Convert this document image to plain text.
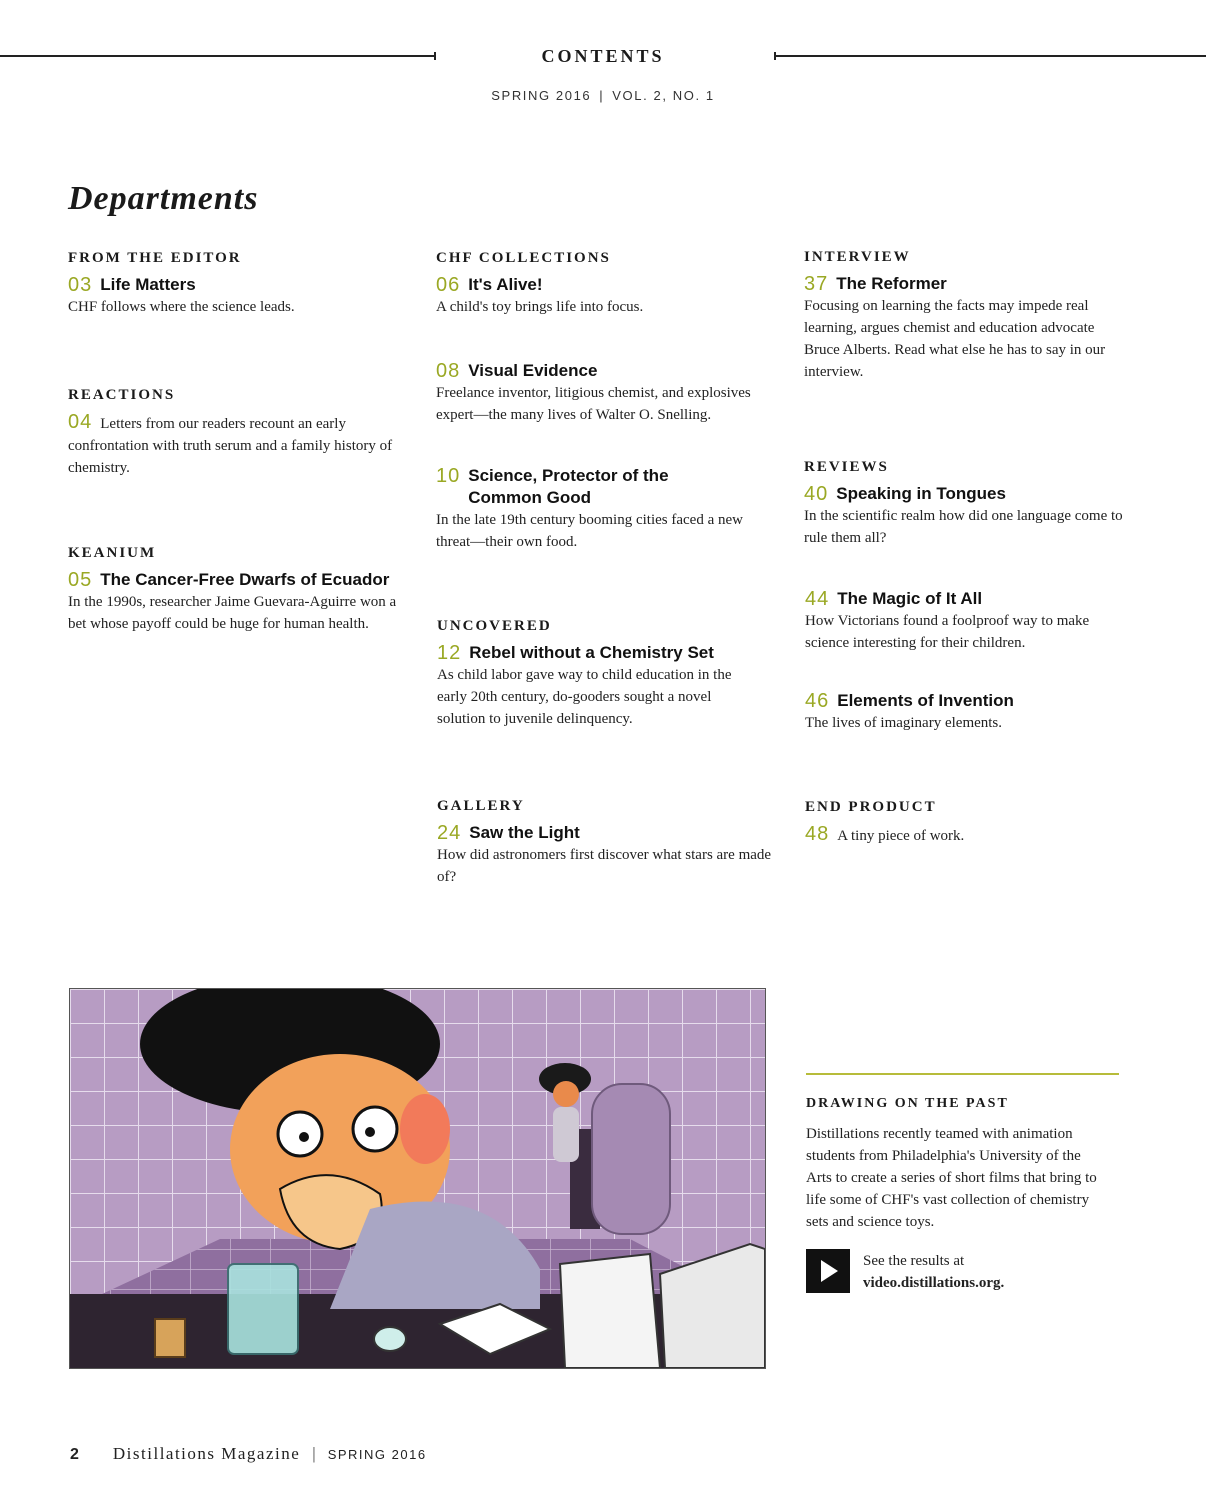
CONTENTS
SPRING 2016 | VOL. 2, NO. 1
Departments
FROM THE EDITOR
03 Life Matters
CHF follows where the science leads.
REACTIONS
04 Letters from our readers recount an early confrontation with truth serum and a family history of chemistry.
KEANIUM
05 The Cancer-Free Dwarfs of Ecuador
In the 1990s, researcher Jaime Guevara-Aguirre won a bet whose payoff could be huge for human health.
CHF COLLECTIONS
06 It's Alive!
A child's toy brings life into focus.
08 Visual Evidence
Freelance inventor, litigious chemist, and explosives expert—the many lives of Walter O. Snelling.
10 Science, Protector of the Common Good
In the late 19th century booming cities faced a new threat—their own food.
UNCOVERED
12 Rebel without a Chemistry Set
As child labor gave way to child education in the early 20th century, do-gooders sought a novel solution to juvenile delinquency.
GALLERY
24 Saw the Light
How did astronomers first discover what stars are made of?
INTERVIEW
37 The Reformer
Focusing on learning the facts may impede real learning, argues chemist and education advocate Bruce Alberts. Read what else he has to say in our interview.
REVIEWS
40 Speaking in Tongues
In the scientific realm how did one language come to rule them all?
44 The Magic of It All
How Victorians found a foolproof way to make science interesting for their children.
46 Elements of Invention
The lives of imaginary elements.
END PRODUCT
48 A tiny piece of work.
DRAWING ON THE PAST
Distillations recently teamed with animation students from Philadelphia's University of the Arts to create a series of short films that bring to life some of CHF's vast collection of chemistry sets and science toys.
See the results at
video.distillations.org.
2 Distillations Magazine | SPRING 2016
